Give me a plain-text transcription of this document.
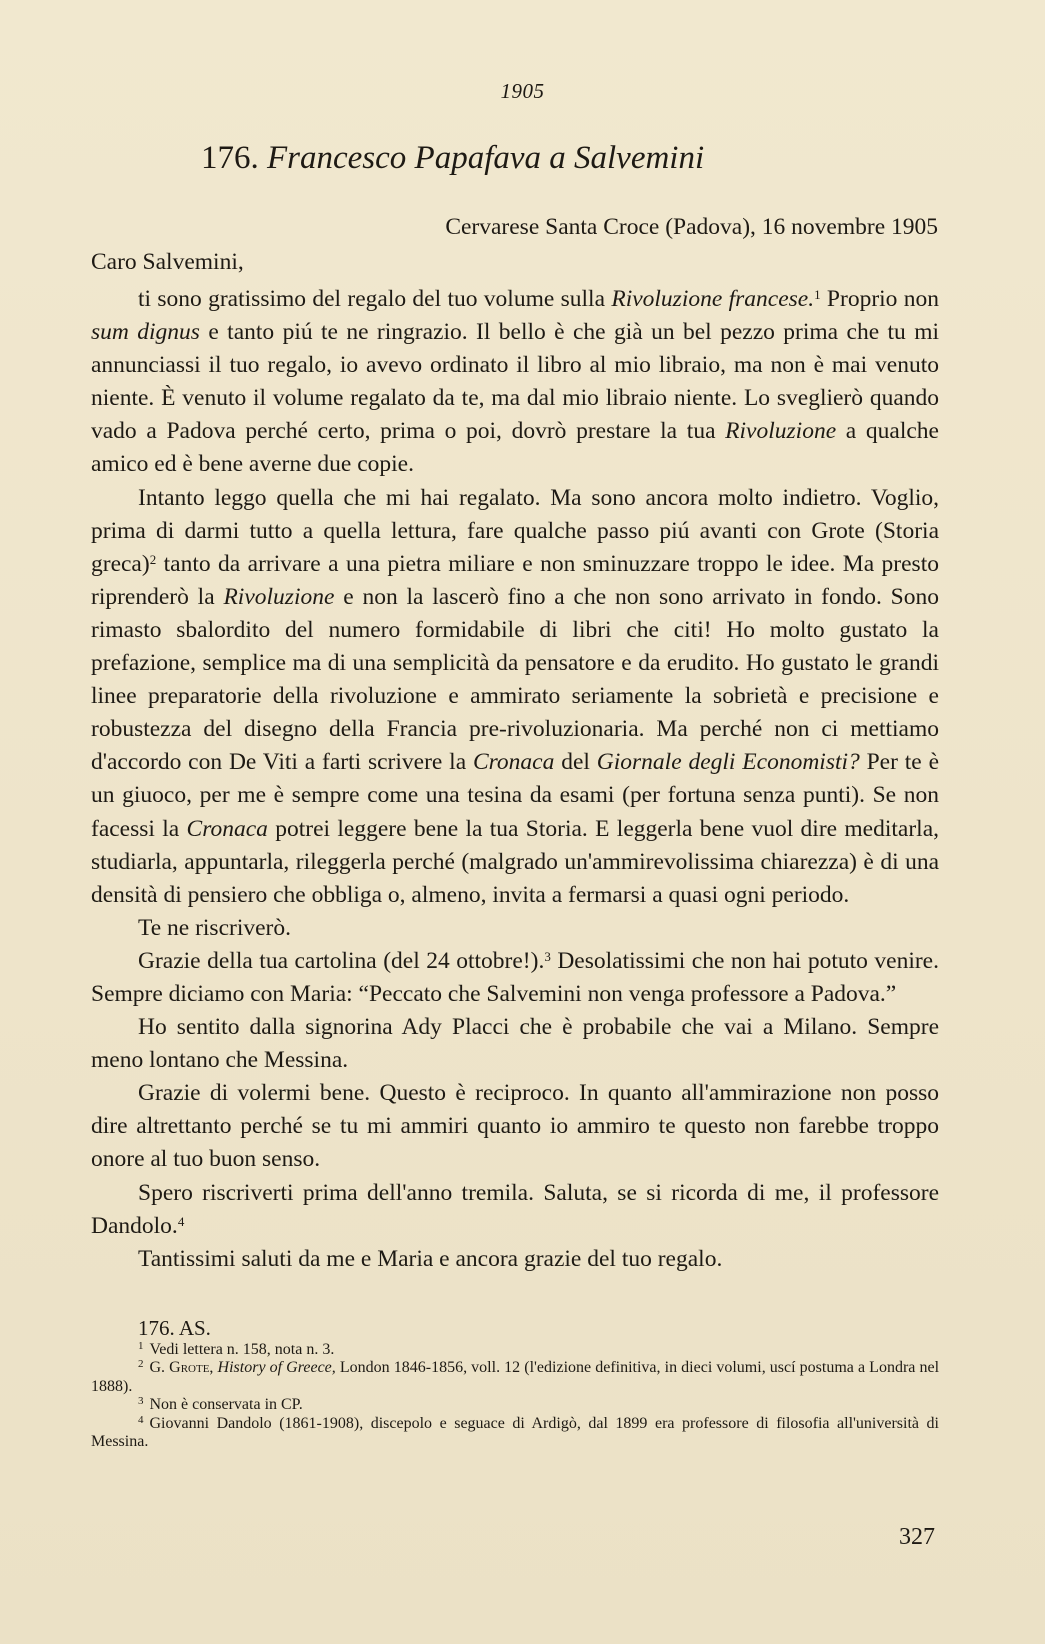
1905
176. Francesco Papafava a Salvemini
Cervarese Santa Croce (Padova), 16 novembre 1905
Caro Salvemini,

ti sono gratissimo del regalo del tuo volume sulla Rivoluzione francese.$^1$ Proprio non sum dignus e tanto piú te ne ringrazio. Il bello è che già un bel pezzo prima che tu mi annunciassi il tuo regalo, io avevo ordinato il libro al mio libraio, ma non è mai venuto niente. È venuto il volume regalato da te, ma dal mio libraio niente. Lo sveglierò quando vado a Padova perché certo, prima o poi, dovrò prestare la tua Rivoluzione a qualche amico ed è bene averne due copie.

Intanto leggo quella che mi hai regalato. Ma sono ancora molto indietro. Voglio, prima di darmi tutto a quella lettura, fare qualche passo piú avanti con Grote (Storia greca)$^2$ tanto da arrivare a una pietra miliare e non sminuzzare troppo le idee. Ma presto riprenderò la Rivoluzione e non la lascerò fino a che non sono arrivato in fondo. Sono rimasto sbalordito del numero formidabile di libri che citi! Ho molto gustato la prefazione, semplice ma di una semplicità da pensatore e da erudito. Ho gustato le grandi linee preparatorie della rivoluzione e ammirato seriamente la sobrietà e precisione e robustezza del disegno della Francia pre-rivoluzionaria. Ma perché non ci mettiamo d'accordo con De Viti a farti scrivere la Cronaca del Giornale degli Economisti? Per te è un giuoco, per me è sempre come una tesina da esami (per fortuna senza punti). Se non facessi la Cronaca potrei leggere bene la tua Storia. E leggerla bene vuol dire meditarla, studiarla, appuntarla, rileggerla perché (malgrado un'ammirevolissima chiarezza) è di una densità di pensiero che obbliga o, almeno, invita a fermarsi a quasi ogni periodo.

Te ne riscriverò.

Grazie della tua cartolina (del 24 ottobre!).$^3$ Desolatissimi che non hai potuto venire. Sempre diciamo con Maria: “Peccato che Salvemini non venga professore a Padova.”

Ho sentito dalla signorina Ady Placci che è probabile che vai a Milano. Sempre meno lontano che Messina.

Grazie di volermi bene. Questo è reciproco. In quanto all'ammirazione non posso dire altrettanto perché se tu mi ammiri quanto io ammiro te questo non farebbe troppo onore al tuo buon senso.

Spero riscriverti prima dell'anno tremila. Saluta, se si ricorda di me, il professore Dandolo.$^4$

Tantissimi saluti da me e Maria e ancora grazie del tuo regalo.

176. AS.

$^1$ Vedi lettera n. 158, nota n. 3.

$^2$ G. Grote, History of Greece, London 1846-1856, voll. 12 (l'edizione definitiva, in dieci volumi, uscí postuma a Londra nel 1888).

$^3$ Non è conservata in CP.

$^4$ Giovanni Dandolo (1861-1908), discepolo e seguace di Ardigò, dal 1899 era professore di filosofia all'università di Messina.

327
